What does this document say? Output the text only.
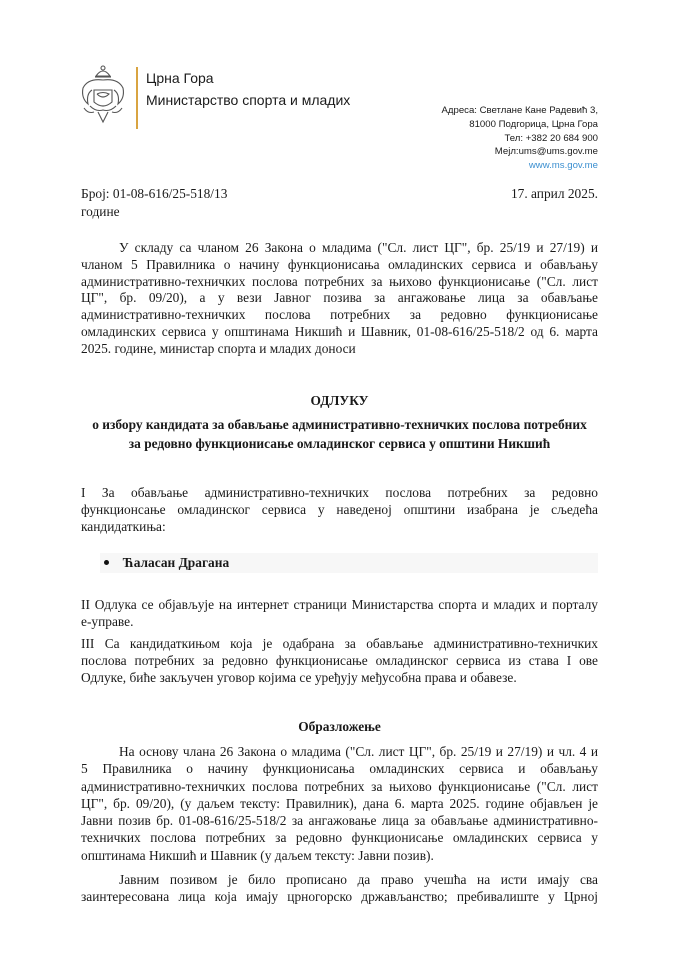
Црна Гора
Министарство спорта и младих
Адреса: Светлане Кане Радевић 3,
81000 Подгорица, Црна Гора
Тел: +382 20 684 900
Мејл:ums@ums.gov.me
www.ms.gov.me
Број: 01-08-616/25-518/13
године
17. април 2025.
У складу са чланом 26 Закона о младима ("Сл. лист ЦГ", бр. 25/19 и 27/19) и
чланом 5 Правилника о начину функционисања омладинских сервиса и обављању
административно-техничких послова потребних за њихово функционисање ("Сл. лист
ЦГ", бр. 09/20), а у вези Јавног позива за ангажовање лица за обављање
административно-техничких послова потребних за редовно функционисање
омладинских сервиса у општинама Никшић и Шавник, 01-08-616/25-518/2 од 6. марта
2025. године, министар спорта и младих доноси
ОДЛУКУ
о избору кандидата за обављање административно-техничких послова потребних
за редовно функционисање омладинског сервиса у општини Никшић
I За обављање административно-техничких послова потребних за редовно
функционсање омладинског сервиса у наведеној општини изабрана је сљедећа
кандидаткиња:
Ћаласан Драгана
II Одлука се објављује на интернет страници Министарства спорта и младих и порталу
е-управе.
III Са кандидаткињом која је одабрана за обављање административно-техничких
послова потребних за редовно функционисање омладинског сервиса из става I ове
Одлуке, биће закључен уговор којима се уређују међусобна права и обавезе.
Образложење
На основу члана 26 Закона о младима ("Сл. лист ЦГ", бр. 25/19 и 27/19) и чл. 4 и
5 Правилника о начину функционисања омладинских сервиса и обављању
административно-техничких послова потребних за њихово функционисање ("Сл. лист
ЦГ", бр. 09/20), (у даљем тексту: Правилник), дана 6. марта 2025. године објављен је
Јавни позив бр. 01-08-616/25-518/2 за ангажовање лица за обављање административно-
техничких послова потребних за редовно функционисање омладинских сервиса у
општинама Никшић и Шавник (у даљем тексту: Јавни позив).
Јавним позивом је било прописано да право учешћа на исти имају сва
заинтересована лица која имају црногорско држављанство; пребивалиште у Црној
